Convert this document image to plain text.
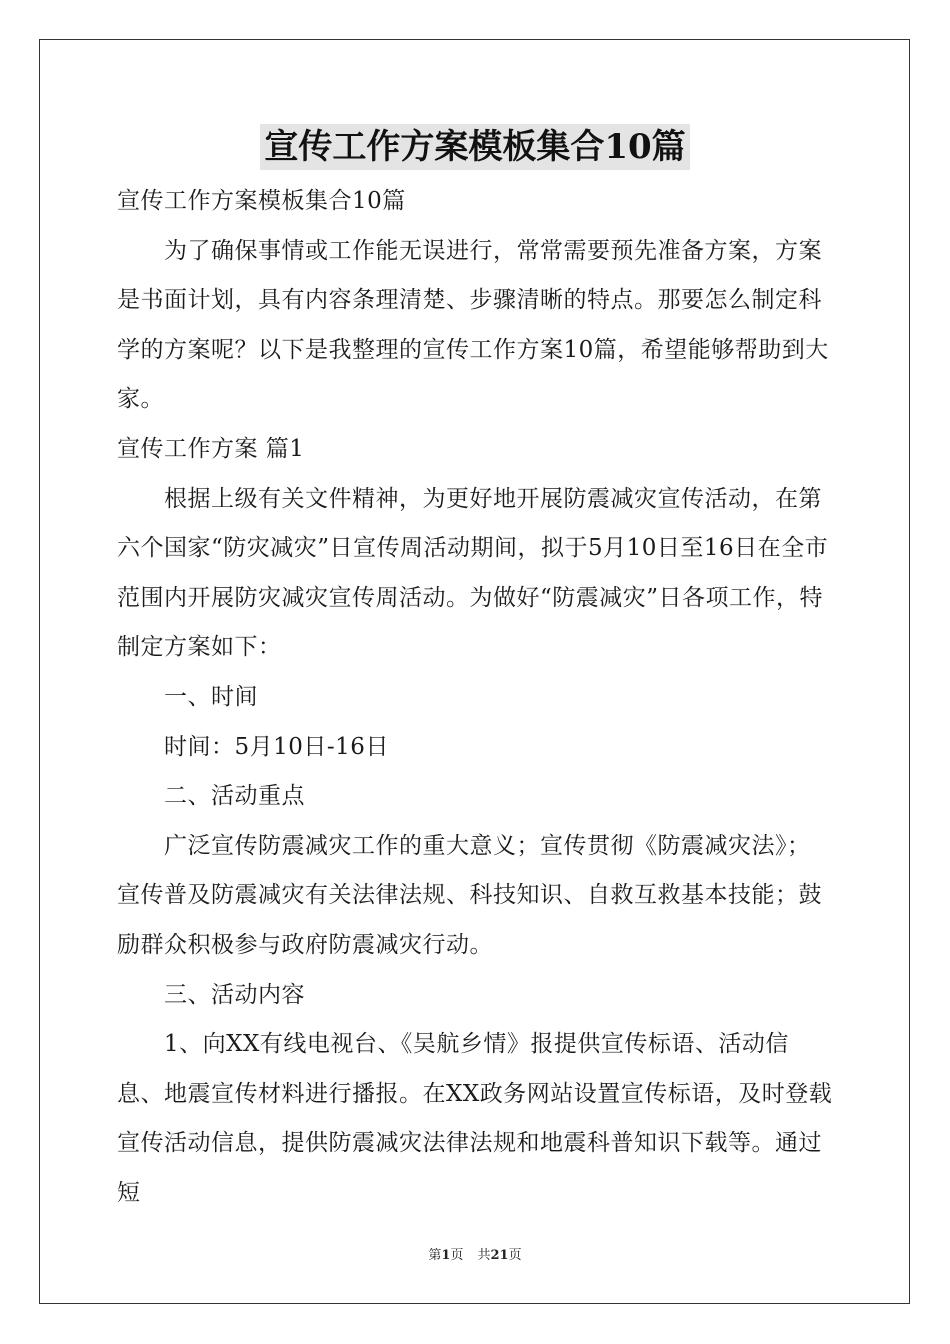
宣传工作方案模板集合10篇

宣传工作方案模板集合10篇

为了确保事情或工作能无误进行，常常需要预先准备方案，方案是书面计划，具有内容条理清楚、步骤清晰的特点。那要怎么制定科学的方案呢？以下是我整理的宣传工作方案10篇，希望能够帮助到大家。

宣传工作方案 篇1

根据上级有关文件精神，为更好地开展防震减灾宣传活动，在第六个国家“防灾减灾”日宣传周活动期间，拟于5月10日至16日在全市范围内开展防灾减灾宣传周活动。为做好“防震减灾”日各项工作，特制定方案如下：

一、时间

时间：5月10日-16日

二、活动重点

广泛宣传防震减灾工作的重大意义；宣传贯彻《防震减灾法》；宣传普及防震减灾有关法律法规、科技知识、自救互救基本技能；鼓励群众积极参与政府防震减灾行动。

三、活动内容

1、向XX有线电视台、《吴航乡情》报提供宣传标语、活动信息、地震宣传材料进行播报。在XX政务网站设置宣传标语，及时登载宣传活动信息，提供防震减灾法律法规和地震科普知识下载等。通过短

第1页 共21页
